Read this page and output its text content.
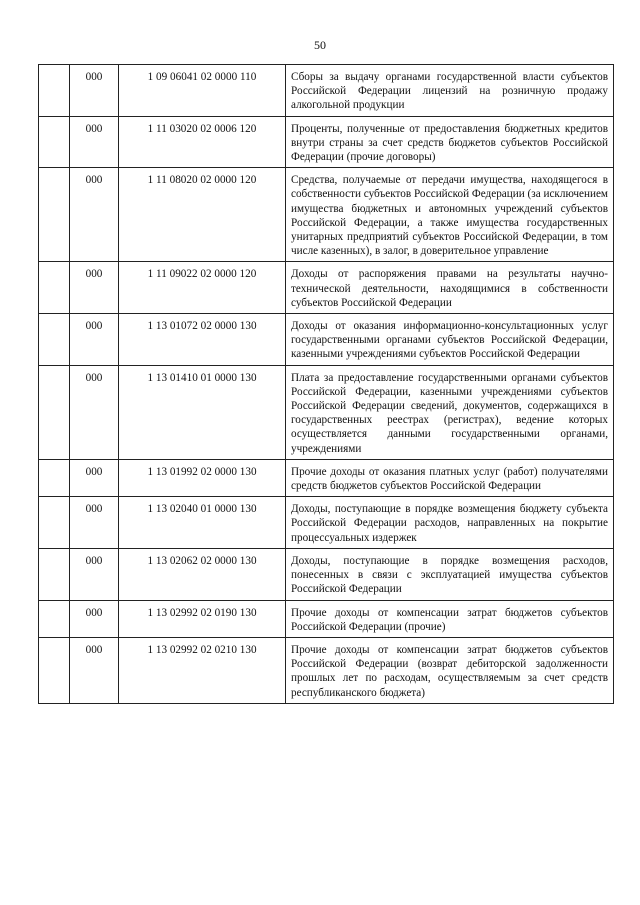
50
	000	1 09 06041 02 0000 110	Сборы за выдачу органами государственной власти субъектов Российской Федерации лицензий на розничную продажу алкогольной продукции
	000	1 11 03020 02 0006 120	Проценты, полученные от предоставления бюджетных кредитов внутри страны за счет средств бюджетов субъектов Российской Федерации (прочие договоры)
	000	1 11 08020 02 0000 120	Средства, получаемые от передачи имущества, находящегося в собственности субъектов Российской Федерации (за исключением имущества бюджетных и автономных учреждений субъектов Российской Федерации, а также имущества государственных унитарных предприятий субъектов Российской Федерации, в том числе казенных), в залог, в доверительное управление
	000	1 11 09022 02 0000 120	Доходы от распоряжения правами на результаты научно-технической деятельности, находящимися в собственности субъектов Российской Федерации
	000	1 13 01072 02 0000 130	Доходы от оказания информационно-консультационных услуг государственными органами субъектов Российской Федерации, казенными учреждениями субъектов Российской Федерации
	000	1 13 01410 01 0000 130	Плата за предоставление государственными органами субъектов Российской Федерации, казенными учреждениями субъектов Российской Федерации сведений, документов, содержащихся в государственных реестрах (регистрах), ведение которых осуществляется данными государственными органами, учреждениями
	000	1 13 01992 02 0000 130	Прочие доходы от оказания платных услуг (работ) получателями средств бюджетов субъектов Российской Федерации
	000	1 13 02040 01 0000 130	Доходы, поступающие в порядке возмещения бюджету субъекта Российской Федерации расходов, направленных на покрытие процессуальных издержек
	000	1 13 02062 02 0000 130	Доходы, поступающие в порядке возмещения расходов, понесенных в связи с эксплуатацией имущества субъектов Российской Федерации
	000	1 13 02992 02 0190 130	Прочие доходы от компенсации затрат бюджетов субъектов Российской Федерации (прочие)
	000	1 13 02992 02 0210 130	Прочие доходы от компенсации затрат бюджетов субъектов Российской Федерации (возврат дебиторской задолженности прошлых лет по расходам, осуществляемым за счет средств республиканского бюджета)
